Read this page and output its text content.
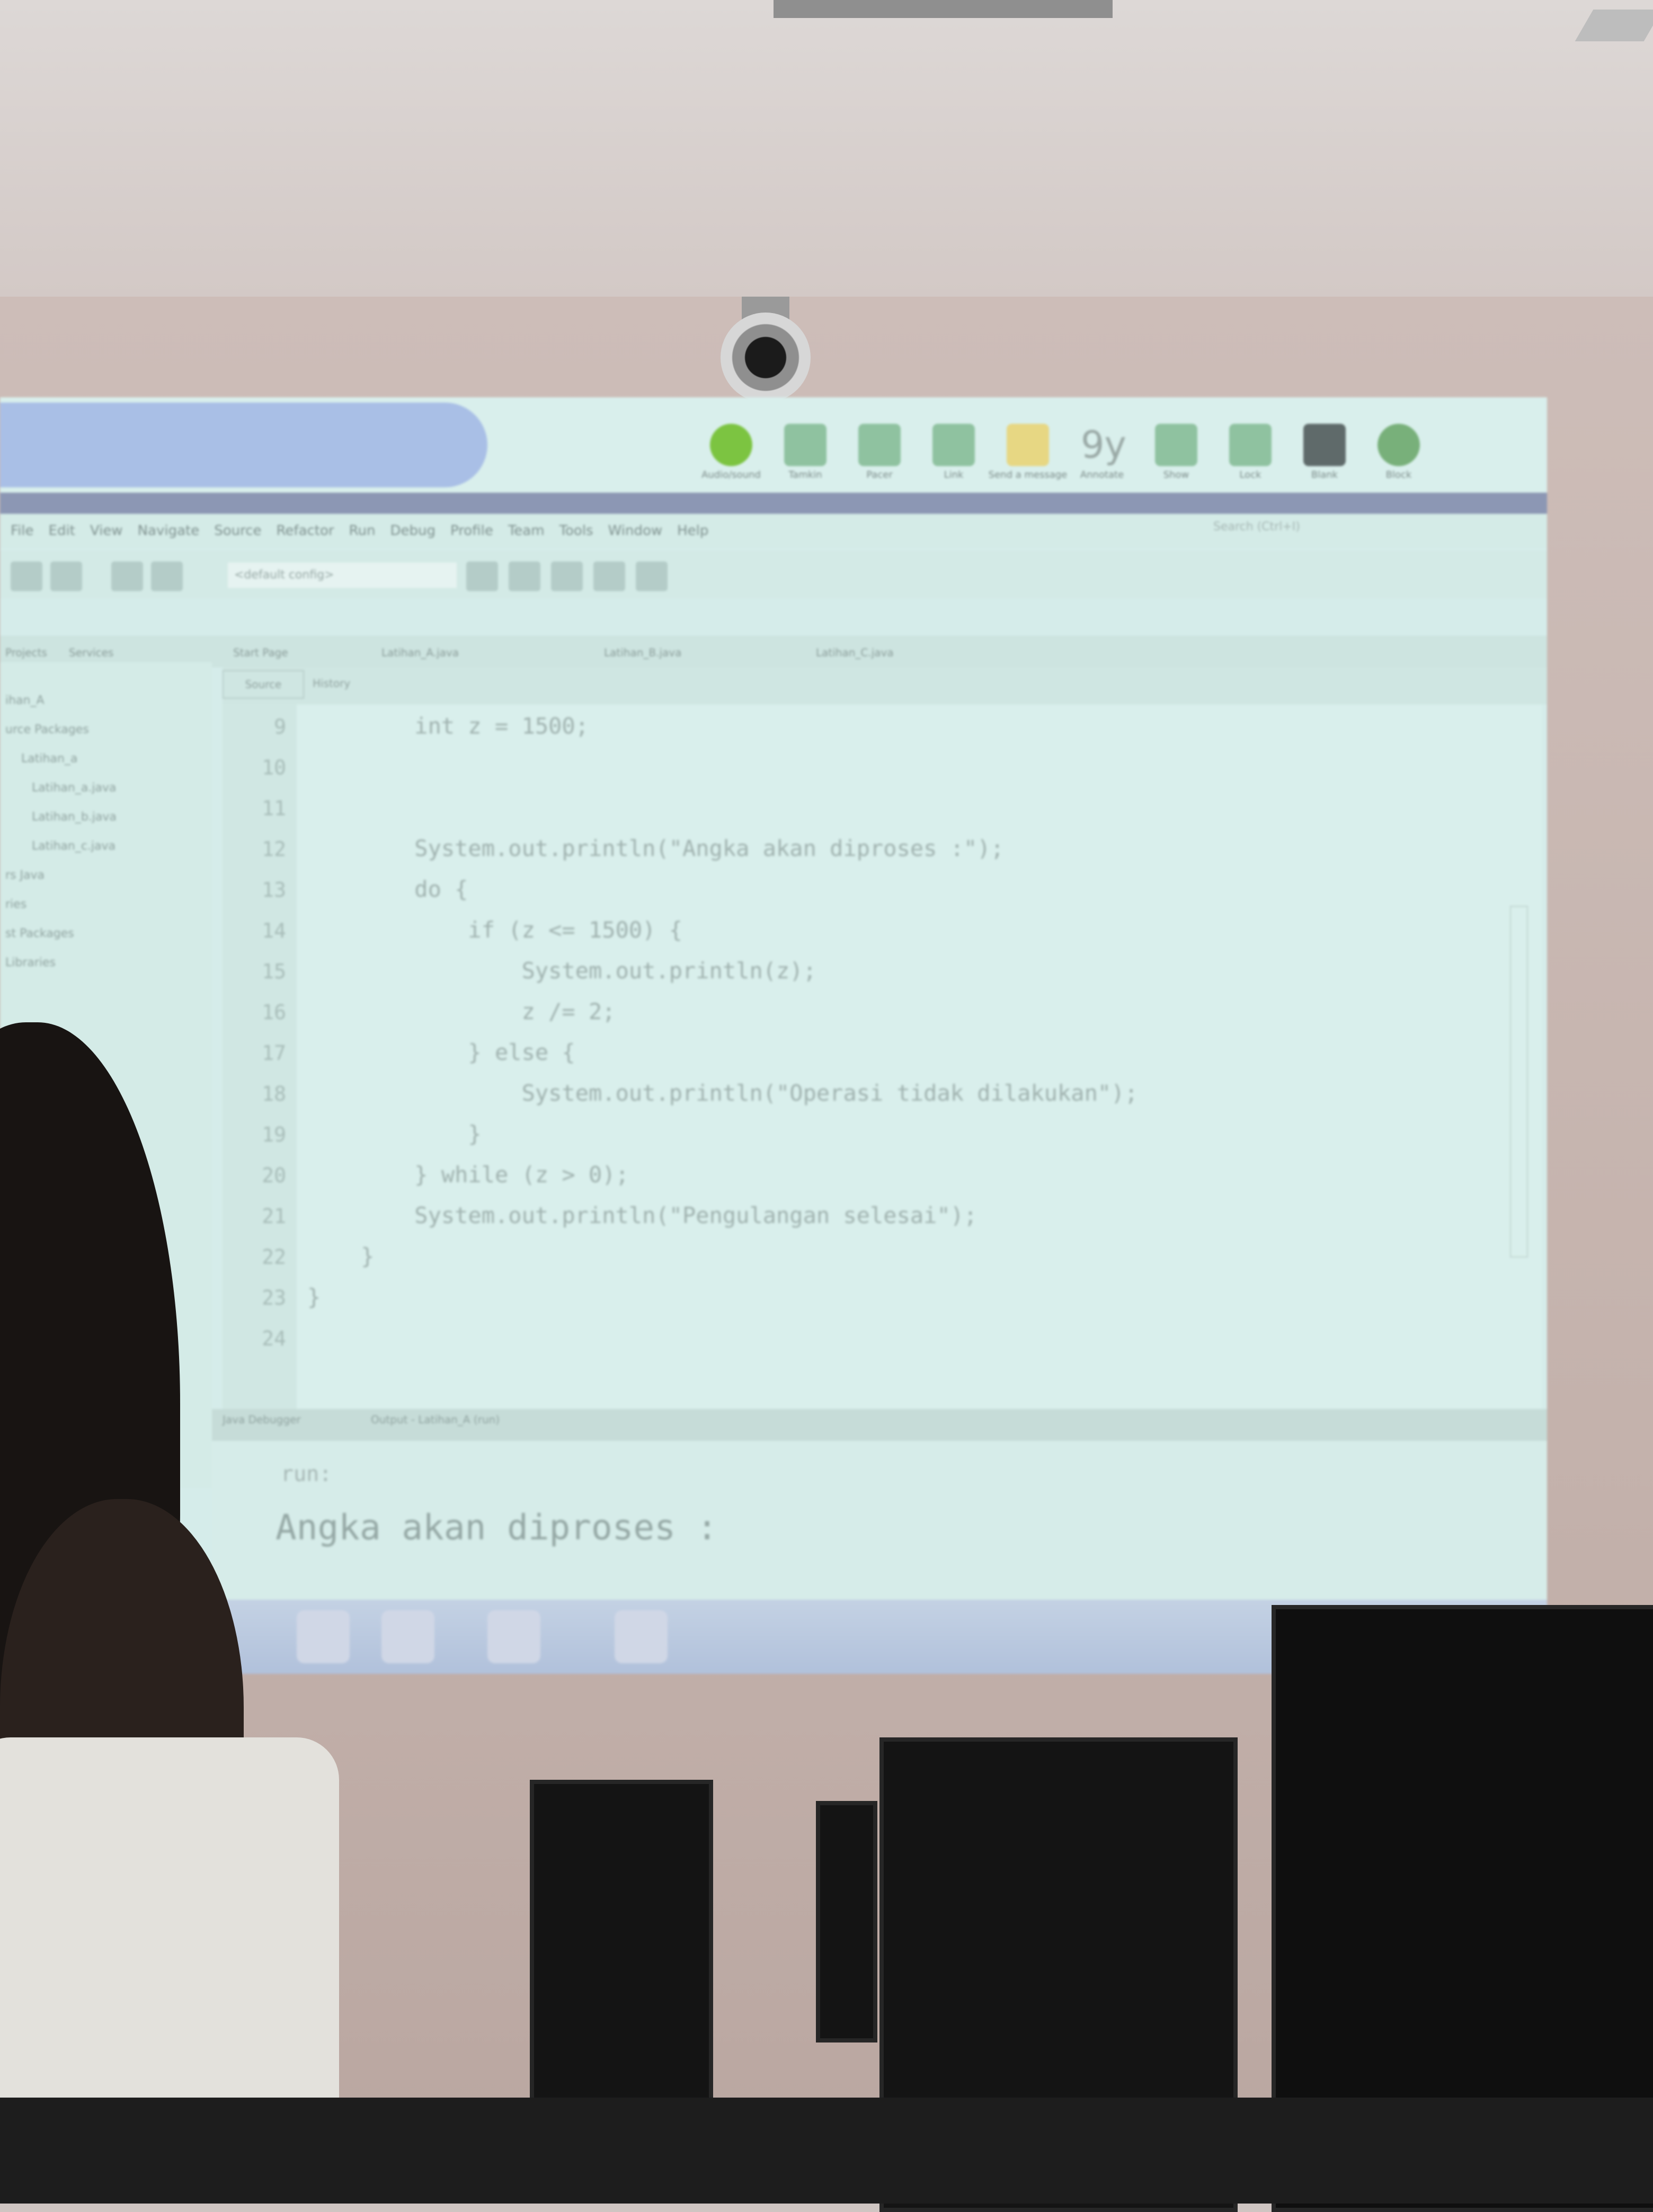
Audio/sound	Tamkin	Pacer	Link	Send a message
9y
Annotate	Show	Lock	Blank	Block
File Edit View Navigate Source Refactor Run Debug Profile Team Tools Window Help	Search (Ctrl+I)
<default config>
Projects Services	Start Page	Latihan_A.java	Latihan_B.java	Latihan_C.java
ihan_A
urce Packages
Latihan_a
Latihan_a.java
Latihan_b.java
Latihan_c.java
rs Java
ries
st Packages
Libraries
Source	History
9
10
11
12
13
14
15
16
17
18
19
20
21
22
23
24
int z = 1500;
System.out.println("Angka akan diproses :");
do {
if (z <= 1500) {
System.out.println(z);
z /= 2;
} else {
System.out.println("Operasi tidak dilakukan");
}
} while (z > 0);
System.out.println("Pengulangan selesai");
}
}
Java Debugger	Output - Latihan_A (run)
run:
Angka akan diproses :
